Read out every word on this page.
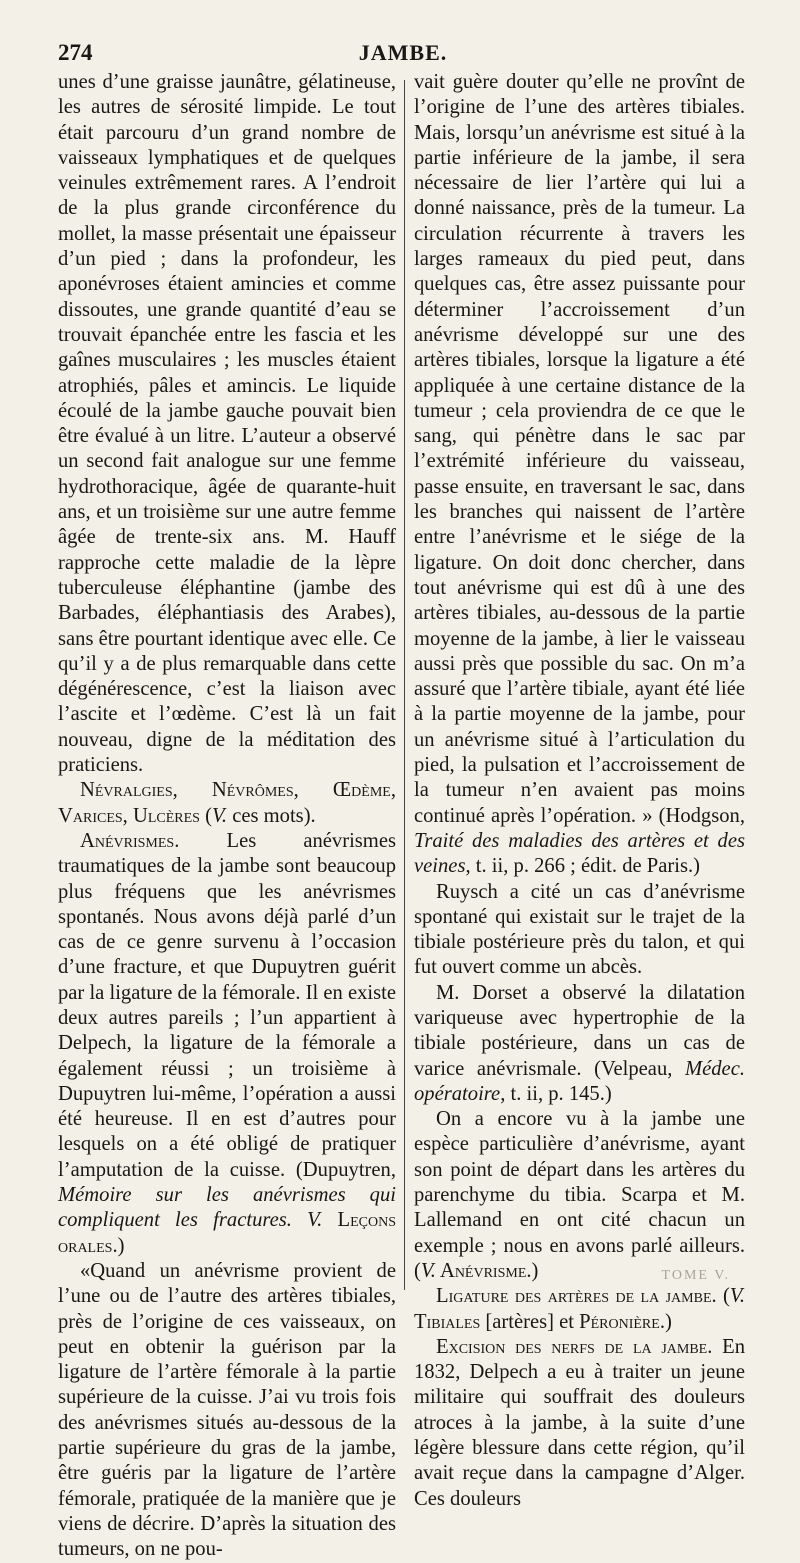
274	JAMBE.

unes d’une graisse jaunâtre, gélatineuse, les autres de sérosité limpide. Le tout était parcouru d’un grand nombre de vaisseaux lymphatiques et de quelques veinules extrêmement rares. A l’endroit de la plus grande circonférence du mollet, la masse présentait une épaisseur d’un pied ; dans la profondeur, les aponévroses étaient amincies et comme dissoutes, une grande quantité d’eau se trouvait épanchée entre les fascia et les gaînes musculaires ; les muscles étaient atrophiés, pâles et amincis. Le liquide écoulé de la jambe gauche pouvait bien être évalué à un litre. L’auteur a observé un second fait analogue sur une femme hydrothoracique, âgée de quarante-huit ans, et un troisième sur une autre femme âgée de trente-six ans. M. Hauff rapproche cette maladie de la lèpre tuberculeuse éléphantine (jambe des Barbades, éléphantiasis des Arabes), sans être pourtant identique avec elle. Ce qu’il y a de plus remarquable dans cette dégénérescence, c’est la liaison avec l’ascite et l’œdème. C’est là un fait nouveau, digne de la méditation des praticiens.

Névralgies, Névrômes, Œdème, Varices, Ulcères (V. ces mots).

Anévrismes. Les anévrismes traumatiques de la jambe sont beaucoup plus fréquens que les anévrismes spontanés. Nous avons déjà parlé d’un cas de ce genre survenu à l’occasion d’une fracture, et que Dupuytren guérit par la ligature de la fémorale. Il en existe deux autres pareils ; l’un appartient à Delpech, la ligature de la fémorale a également réussi ; un troisième à Dupuytren lui-même, l’opération a aussi été heureuse. Il en est d’autres pour lesquels on a été obligé de pratiquer l’amputation de la cuisse. (Dupuytren, Mémoire sur les anévrismes qui compliquent les fractures. V. Leçons orales.)

«Quand un anévrisme provient de l’une ou de l’autre des artères tibiales, près de l’origine de ces vaisseaux, on peut en obtenir la guérison par la ligature de l’artère fémorale à la partie supérieure de la cuisse. J’ai vu trois fois des anévrismes situés au-dessous de la partie supérieure du gras de la jambe, être guéris par la ligature de l’artère fémorale, pratiquée de la manière que je viens de décrire. D’après la situation des tumeurs, on ne pou-

vait guère douter qu’elle ne provînt de l’origine de l’une des artères tibiales. Mais, lorsqu’un anévrisme est situé à la partie inférieure de la jambe, il sera nécessaire de lier l’artère qui lui a donné naissance, près de la tumeur. La circulation récurrente à travers les larges rameaux du pied peut, dans quelques cas, être assez puissante pour déterminer l’accroissement d’un anévrisme développé sur une des artères tibiales, lorsque la ligature a été appliquée à une certaine distance de la tumeur ; cela proviendra de ce que le sang, qui pénètre dans le sac par l’extrémité inférieure du vaisseau, passe ensuite, en traversant le sac, dans les branches qui naissent de l’artère entre l’anévrisme et le siége de la ligature. On doit donc chercher, dans tout anévrisme qui est dû à une des artères tibiales, au-dessous de la partie moyenne de la jambe, à lier le vaisseau aussi près que possible du sac. On m’a assuré que l’artère tibiale, ayant été liée à la partie moyenne de la jambe, pour un anévrisme situé à l’articulation du pied, la pulsation et l’accroissement de la tumeur n’en avaient pas moins continué après l’opération. » (Hodgson, Traité des maladies des artères et des veines, t. ii, p. 266 ; édit. de Paris.)

Ruysch a cité un cas d’anévrisme spontané qui existait sur le trajet de la tibiale postérieure près du talon, et qui fut ouvert comme un abcès.

M. Dorset a observé la dilatation variqueuse avec hypertrophie de la tibiale postérieure, dans un cas de varice anévrismale. (Velpeau, Médec. opératoire, t. ii, p. 145.)

On a encore vu à la jambe une espèce particulière d’anévrisme, ayant son point de départ dans les artères du parenchyme du tibia. Scarpa et M. Lallemand en ont cité chacun un exemple ; nous en avons parlé ailleurs. (V. Anévrisme.)

Ligature des artères de la jambe. (V. Tibiales [artères] et Péronière.)

Excision des nerfs de la jambe. En 1832, Delpech a eu à traiter un jeune militaire qui souffrait des douleurs atroces à la jambe, à la suite d’une légère blessure dans cette région, qu’il avait reçue dans la campagne d’Alger. Ces douleurs

TOME V.
